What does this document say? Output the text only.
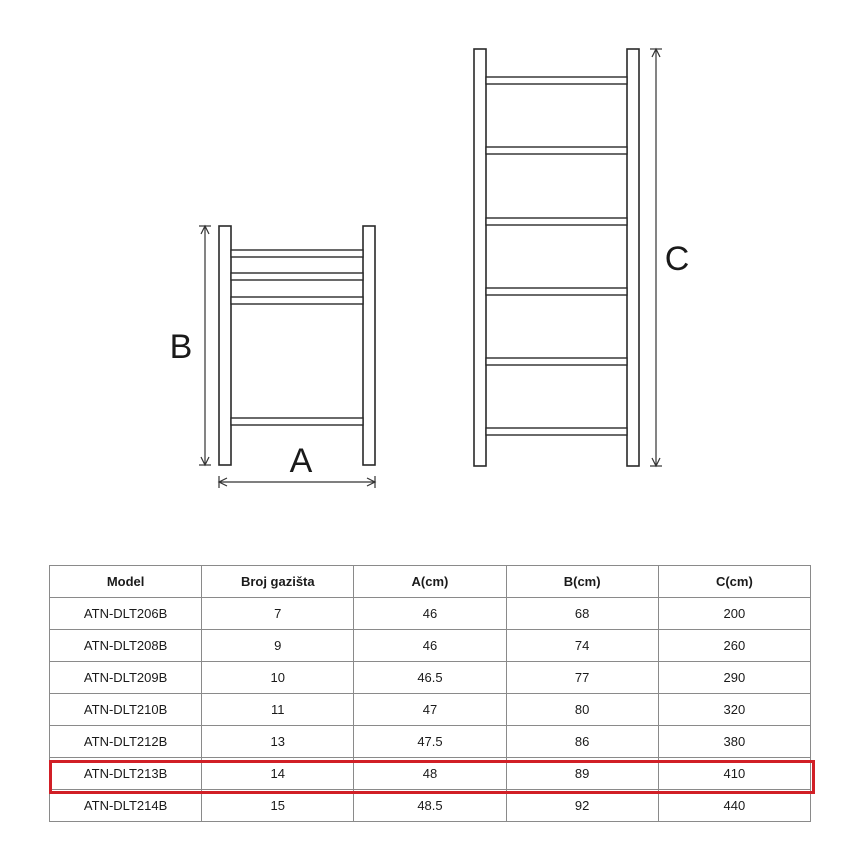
B
A
C
Model	Broj gazišta	A(cm)	B(cm)	C(cm)
ATN-DLT206B	7	46	68	200
ATN-DLT208B	9	46	74	260
ATN-DLT209B	10	46.5	77	290
ATN-DLT210B	11	47	80	320
ATN-DLT212B	13	47.5	86	380
ATN-DLT213B	14	48	89	410
ATN-DLT214B	15	48.5	92	440
